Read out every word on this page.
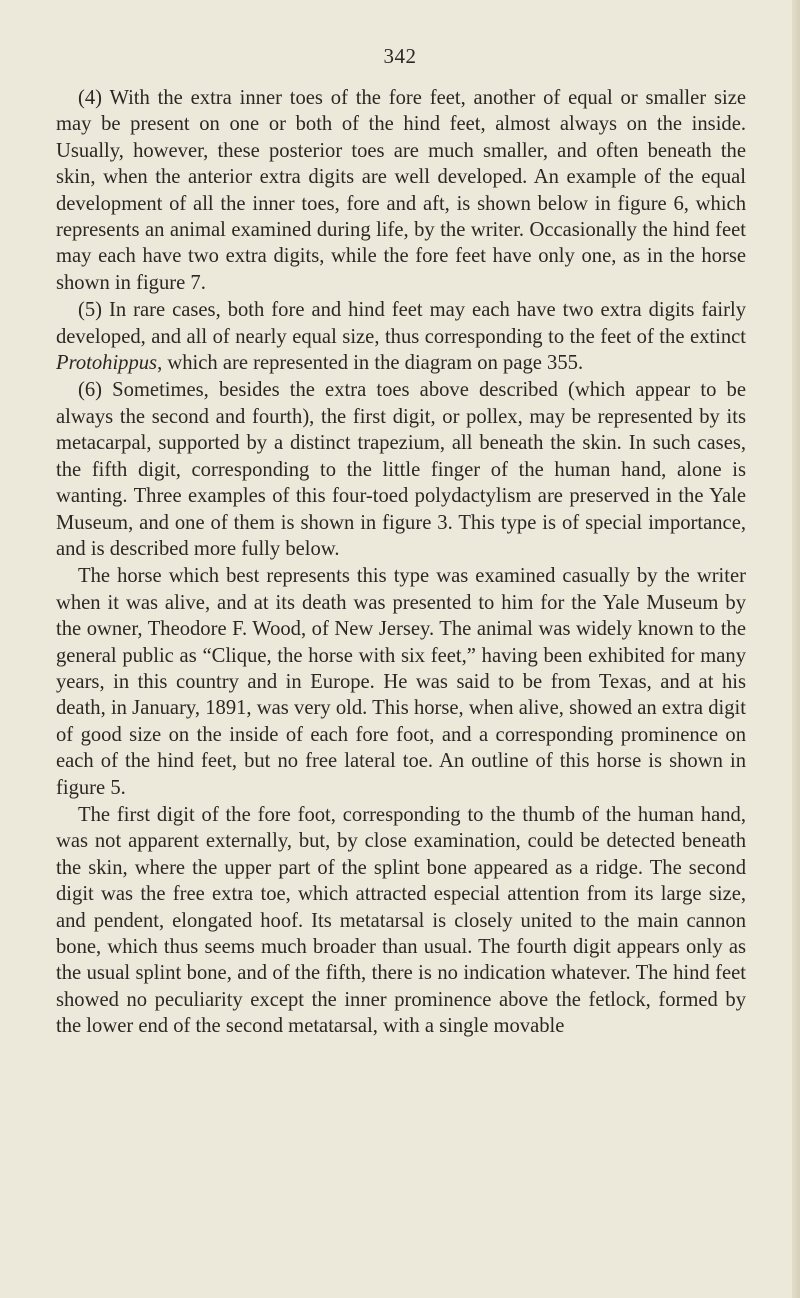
342

(4) With the extra inner toes of the fore feet, another of equal or smaller size may be present on one or both of the hind feet, almost always on the inside. Usually, however, these posterior toes are much smaller, and often beneath the skin, when the anterior extra digits are well developed. An example of the equal development of all the inner toes, fore and aft, is shown below in figure 6, which represents an animal examined during life, by the writer. Occasionally the hind feet may each have two extra digits, while the fore feet have only one, as in the horse shown in figure 7.

(5) In rare cases, both fore and hind feet may each have two extra digits fairly developed, and all of nearly equal size, thus corresponding to the feet of the extinct Protohippus, which are represented in the diagram on page 355.

(6) Sometimes, besides the extra toes above described (which appear to be always the second and fourth), the first digit, or pollex, may be represented by its metacarpal, supported by a distinct trapezium, all beneath the skin. In such cases, the fifth digit, corresponding to the little finger of the human hand, alone is wanting. Three examples of this four-toed polydactylism are preserved in the Yale Museum, and one of them is shown in figure 3. This type is of special importance, and is described more fully below.

The horse which best represents this type was examined casually by the writer when it was alive, and at its death was presented to him for the Yale Museum by the owner, Theodore F. Wood, of New Jersey. The animal was widely known to the general public as “Clique, the horse with six feet,” having been exhibited for many years, in this country and in Europe. He was said to be from Texas, and at his death, in January, 1891, was very old. This horse, when alive, showed an extra digit of good size on the inside of each fore foot, and a corresponding prominence on each of the hind feet, but no free lateral toe. An outline of this horse is shown in figure 5.

The first digit of the fore foot, corresponding to the thumb of the human hand, was not apparent externally, but, by close examination, could be detected beneath the skin, where the upper part of the splint bone appeared as a ridge. The second digit was the free extra toe, which attracted especial attention from its large size, and pendent, elongated hoof. Its metatarsal is closely united to the main cannon bone, which thus seems much broader than usual. The fourth digit appears only as the usual splint bone, and of the fifth, there is no indication whatever. The hind feet showed no peculiarity except the inner prominence above the fetlock, formed by the lower end of the second metatarsal, with a single movable
